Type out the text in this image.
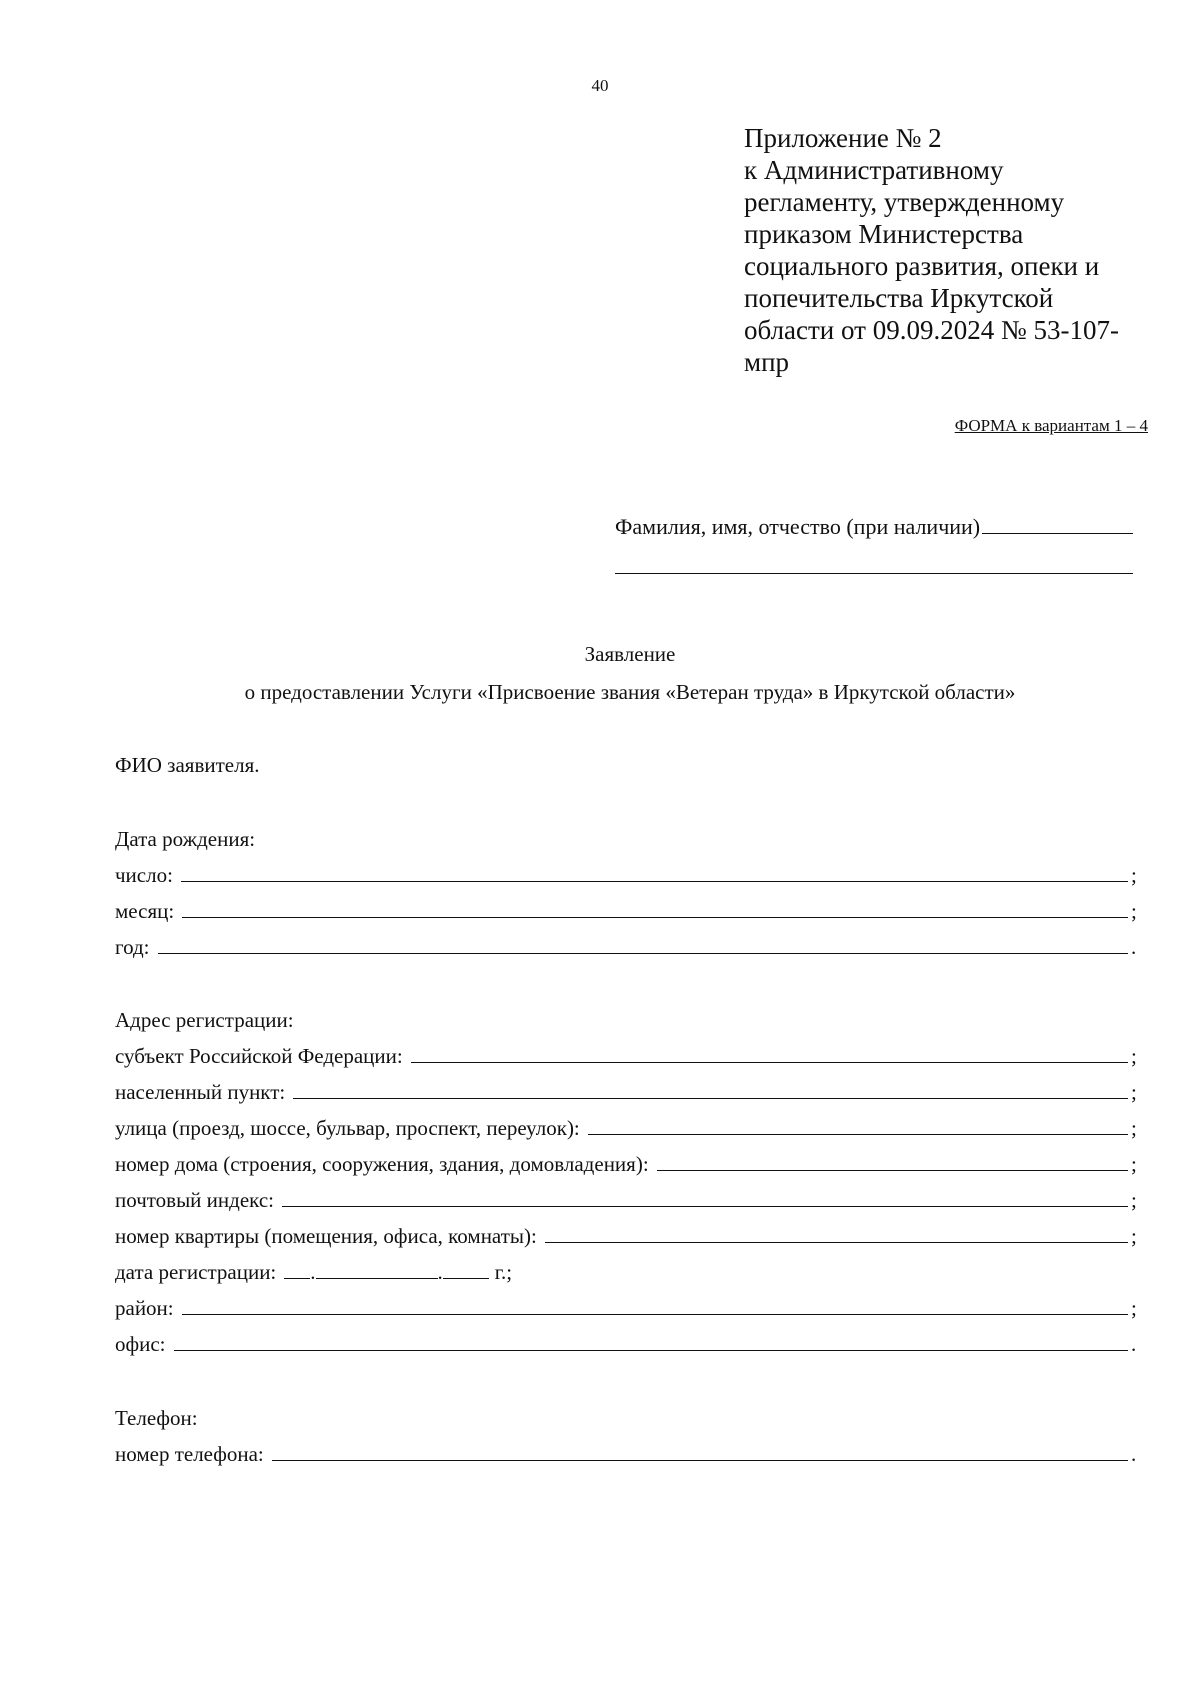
40
Приложение № 2
к Административному
регламенту, утвержденному
приказом Министерства
социального развития, опеки и
попечительства Иркутской
области от 09.09.2024 № 53-107-
мпр
ФОРМА к вариантам 1 – 4
Фамилия, имя, отчество (при наличии)
Заявление
о предоставлении Услуги «Присвоение звания «Ветеран труда» в Иркутской области»
ФИО заявителя.
Дата рождения:
число:	;
месяц:	;
год:	.
Адрес регистрации:
субъект Российской Федерации:	;
населенный пункт:	;
улица (проезд, шоссе, бульвар, проспект, переулок):	;
номер дома (строения, сооружения, здания, домовладения):	;
почтовый индекс:	;
номер квартиры (помещения, офиса, комнаты):	;
дата регистрации: .	. г.;
район:	;
офис:	.
Телефон:
номер телефона:	.
